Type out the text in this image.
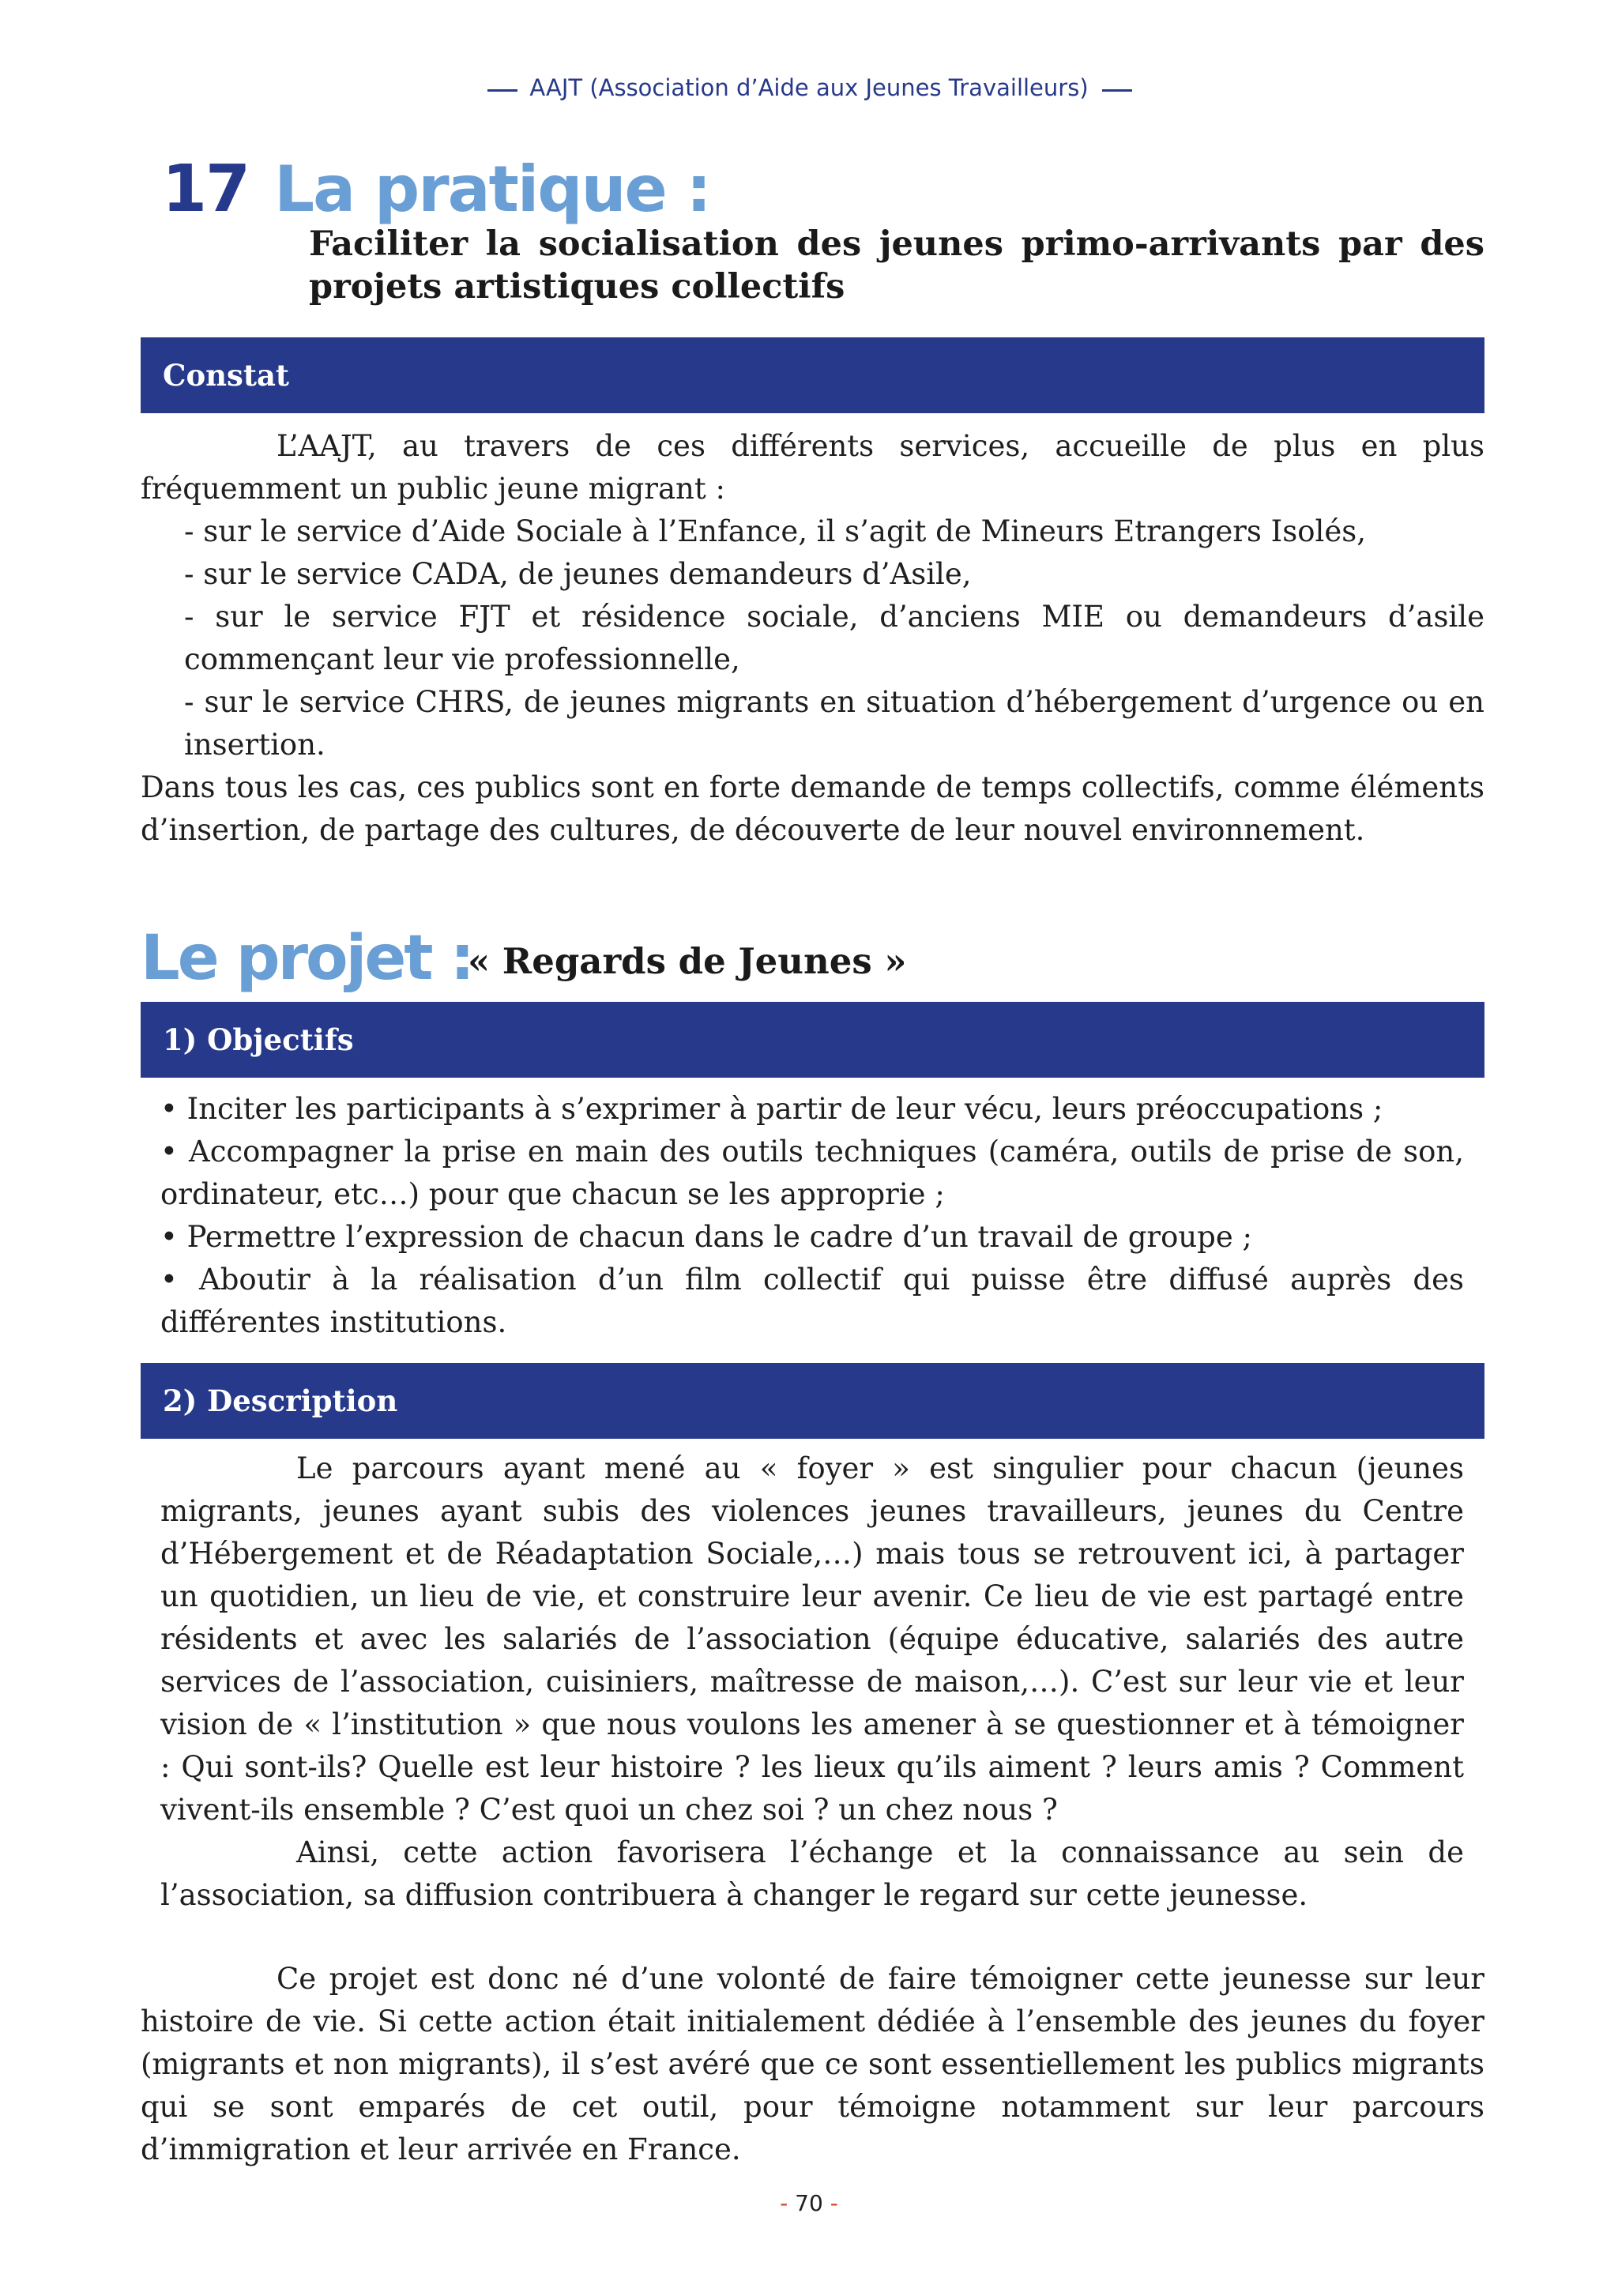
AAJT (Association d’Aide aux Jeunes Travailleurs)
17 La pratique :
Faciliter la socialisation des jeunes primo-arrivants par des projets artistiques collectifs
Constat

L’AAJT, au travers de ces différents services, accueille de plus en plus fréquemment un public jeune migrant :

- sur le service d’Aide Sociale à l’Enfance, il s’agit de Mineurs Etrangers Isolés,

- sur le service CADA, de jeunes demandeurs d’Asile,

- sur le service FJT et résidence sociale, d’anciens MIE ou demandeurs d’asile commençant leur vie professionnelle,

- sur le service CHRS, de jeunes migrants en situation d’hébergement d’urgence ou en insertion.

Dans tous les cas, ces publics sont en forte demande de temps collectifs, comme éléments d’insertion, de partage des cultures, de découverte de leur nouvel environnement.

Le projet :
« Regards de Jeunes »
1) Objectifs

• Inciter les participants à s’exprimer à partir de leur vécu, leurs préoccupations ;

• Accompagner la prise en main des outils techniques (caméra, outils de prise de son, ordinateur, etc…) pour que chacun se les approprie ;

• Permettre l’expression de chacun dans le cadre d’un travail de groupe ;

• Aboutir à la réalisation d’un film collectif qui puisse être diffusé auprès des différentes institutions.

2) Description

Le parcours ayant mené au « foyer » est singulier pour chacun (jeunes migrants, jeunes ayant subis des violences jeunes travailleurs, jeunes du Centre d’Hébergement et de Réadaptation Sociale,…) mais tous se retrouvent ici, à partager un quotidien, un lieu de vie, et construire leur avenir. Ce lieu de vie est partagé entre résidents et avec les salariés de l’association (équipe éducative, salariés des autre services de l’association, cuisiniers, maîtresse de maison,…). C’est sur leur vie et leur vision de « l’institution » que nous voulons les amener à se questionner et à témoigner : Qui sont-ils? Quelle est leur histoire ? les lieux qu’ils aiment ? leurs amis ? Comment vivent-ils ensemble ? C’est quoi un chez soi ? un chez nous ?

Ainsi, cette action favorisera l’échange et la connaissance au sein de l’association, sa diffusion contribuera à changer le regard sur cette jeunesse.

Ce projet est donc né d’une volonté de faire témoigner cette jeunesse sur leur histoire de vie. Si cette action était initialement dédiée à l’ensemble des jeunes du foyer (migrants et non migrants), il s’est avéré que ce sont essentiellement les publics migrants qui se sont emparés de cet outil, pour témoigne notamment sur leur parcours d’immigration et leur arrivée en France.

- 70 -
